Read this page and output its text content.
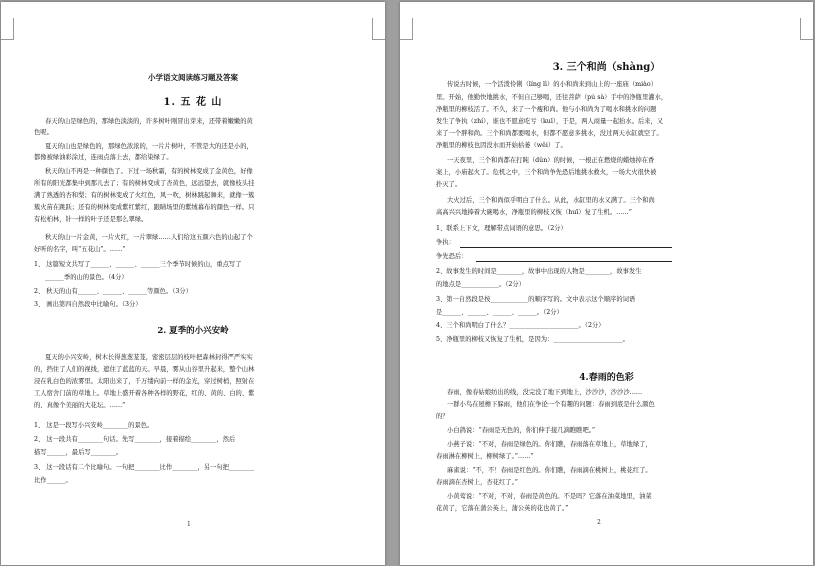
小学语文阅读练习题及答案
1. 五 花 山
春天的山是绿色的，那绿色淡淡的，许多树叶刚冒出芽来，还带着嫩嫩的黄
色呢。
夏天的山也是绿色的，那绿色浓浓的，一片片树叶，不管是大的还是小的，
都像被绿油彩涂过，连雨点落上去，都给染绿了。
秋天的山不再是一种颜色了。下过一场秋霜，有的树林变成了金黄色，好像
所有的阳光都集中到那儿去了；有的树林变成了杏黄色，远远望去，就像枝头挂
满了熟透的杏和梨；有的树林变成了火红色，风一吹，树林跳起舞来，就像一簇
簇火苗在跳跃；还有的树林变成紫红紫红，跟睛场里的紫绒幕布的颜色一样。只
有松柏林，针一样的叶子还是那么翠绿。
秋天的山一片金黄，一片火红，一片翠绿……人们给这五颜六色的山起了个
好听的名字，叫“五花山”。……”
1、 这篇短文共写了______、______、______三个季节时候的山，重点写了
______季的山的景色。（4分）
2、 秋天的山有______、______、______等颜色。（3分）
3、 画出第四自然段中比喻句。（3分）
2. 夏季的小兴安岭
夏天的小兴安岭，树木长得葱葱茏茏，密密层层的枝叶把森林封得严严实实
的，挡住了人们的视线，遮住了蓝蓝的天。早晨，雾从山谷里升起来，整个山林
浸在乳白色的浓雾里。太阳出来了，千万缕向前一样的金光，穿过树梢，照射在
工人宿舍门前的草地上。草地上盛开着各种各样的野花，红的、黄的、白的、紫
的、真像个美丽的大花坛。……”
1、 这是一段写小兴安岭________的景色。
2、 这一段共有________句话。先写________，接着描绘________，然后
描写______，最后写________。
3、 这一段话有二个比喻句。一句把________比作________，另一句把________
比作______。
1
3. 三个和尚（shàng）
传说古时候，一个活泼伶俐（líng lì）的小和尚来到山上的一座庙（miào）
里。开始，他勤快地挑水，不但自己够喝，还往菩萨（pú sà）手中的净瓶里灌水，
净瓶里的柳枝活了。不久，来了一个瘦和尚。他与小和尚为了喝水和挑水的问题
发生了争执（zhí），谁也不愿意吃亏（kuī），于是，两人商量一起抬水。后来，又
来了一个胖和尚。三个和尚都要喝水，但都不愿意多挑水，没过两天水缸就空了。
净瓶里的柳枝也因没水而开始枯萎（wěi）了。
一天夜里，三个和尚都在打盹（dǔn）的时候，一根正在燃烧的蜡烛掉在香
案上，小庙起火了。危机之中，三个和尚争先恐后地挑水救火，一场大火很快被
扑灭了。
大火过后，三个和尚似乎明白了什么。从此，水缸里的水又满了。三个和尚
高高兴兴地捧着大碗喝水，净瓶里的柳枝又恢（huī）复了生机。……”
1、联系上下文，理解带点词语的意思。（2分）
争执：
争先恐后：
2、故事发生的时间是________，故事中出现的人物是________，故事发生
的地点是____________。（2分）
3、第一自然段是按____________的顺序写的。文中表示这个顺序的词语
是______、______、______、______。（2分）
4、三个和尚明白了什么？______________________。（2分）
5、净瓶里的柳枝又恢复了生机，是因为：______________________。
4.春雨的色彩
春雨，像春姑娘纺出的线，没完没了地下到地上，沙沙沙，沙沙沙……
一群小鸟在屋檐下躲雨，他们在争论一个有趣的问题：春雨到底是什么颜色
的？
小白鸽说：“春雨是无色的，你们伸手接几滴瞧瞧吧。”
小燕子说：“不对，春雨是绿色的。你们瞧，春雨落在草地上，草地绿了，
春雨淋在柳树上，柳树绿了。”……”
麻雀说：“不，不！春雨是红色的。你们瞧，春雨滴在桃树上，桃花红了。
春雨滴在杏树上，杏花红了。”
小黄莺说：“不对，不对，春雨是黄色的。不是吗？它落在油菜地里，油菜
花黄了，它落在蒲公英上，蒲公英的花也黄了。”
2
